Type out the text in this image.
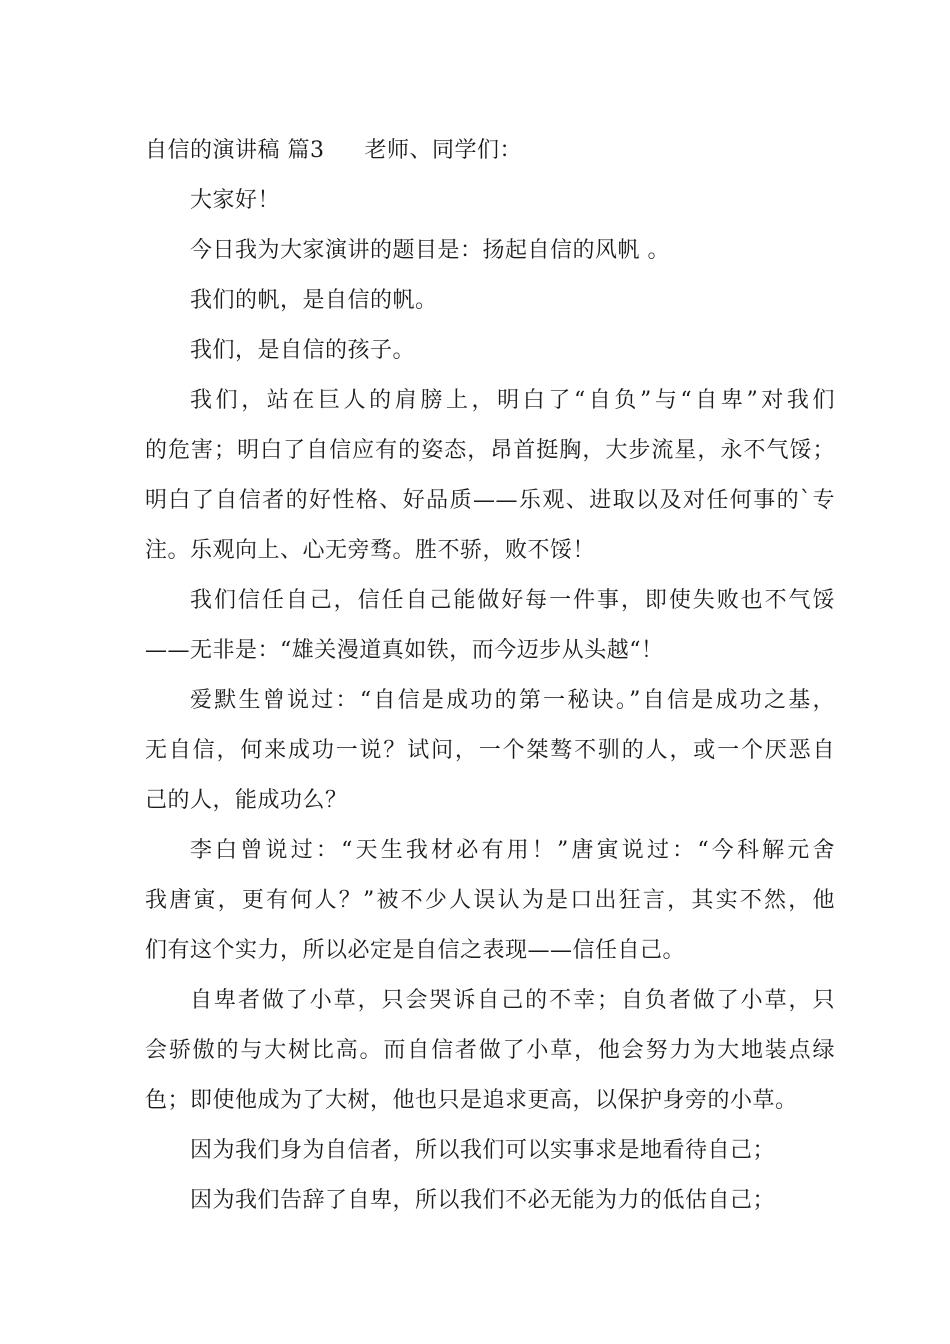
自信的演讲稿 篇3 老师、同学们：
大家好！
今日我为大家演讲的题目是：扬起自信的风帆 。
我们的帆，是自信的帆。
我们，是自信的孩子。
我们，站在巨人的肩膀上，明白了“自负”与“自卑”对我们
的危害；明白了自信应有的姿态，昂首挺胸，大步流星，永不气馁；
明白了自信者的好性格、好品质——乐观、进取以及对任何事的`专
注。乐观向上、心无旁骛。胜不骄，败不馁！
我们信任自己，信任自己能做好每一件事，即使失败也不气馁
——无非是：“雄关漫道真如铁，而今迈步从头越“！
爱默生曾说过：“自信是成功的第一秘诀。”自信是成功之基，
无自信，何来成功一说？试问，一个桀骜不驯的人，或一个厌恶自
己的人，能成功么？
李白曾说过：“天生我材必有用！”唐寅说过：“今科解元舍
我唐寅，更有何人？”被不少人误认为是口出狂言，其实不然，他
们有这个实力，所以必定是自信之表现——信任自己。
自卑者做了小草，只会哭诉自己的不幸；自负者做了小草，只
会骄傲的与大树比高。而自信者做了小草，他会努力为大地装点绿
色；即使他成为了大树，他也只是追求更高，以保护身旁的小草。
因为我们身为自信者，所以我们可以实事求是地看待自己；
因为我们告辞了自卑，所以我们不必无能为力的低估自己；
